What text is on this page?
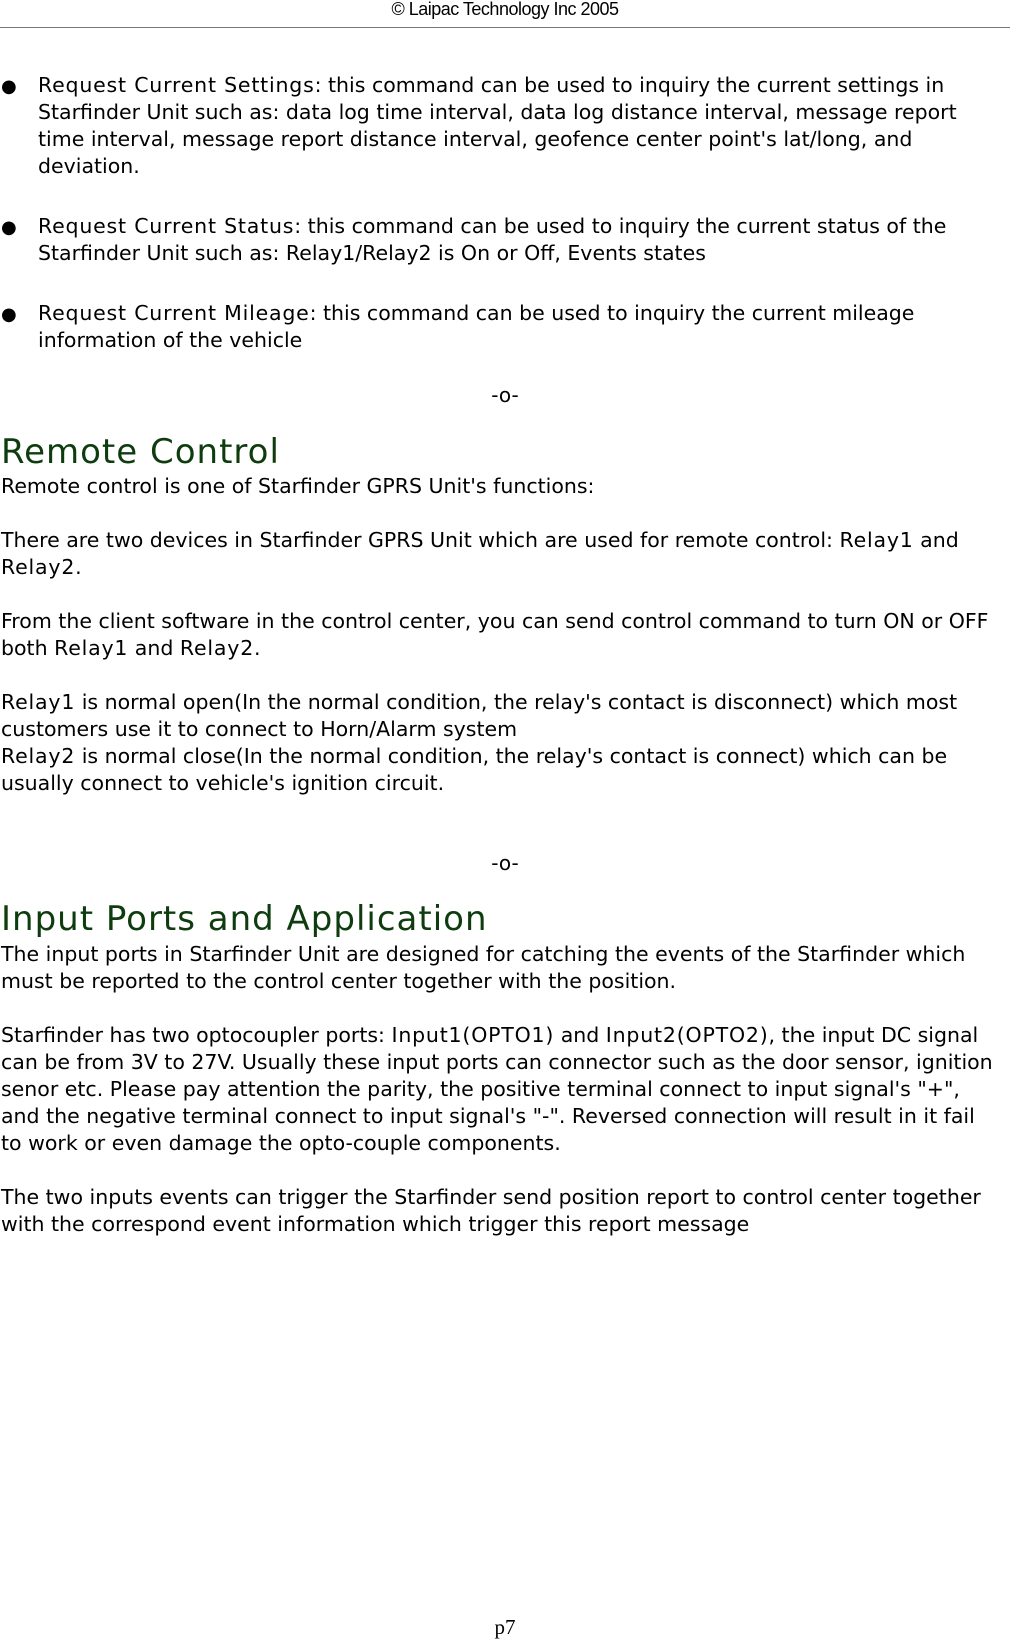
© Laipac Technology Inc 2005
● Request Current Settings: this command can be used to inquiry the current settings in
Starfinder Unit such as: data log time interval, data log distance interval, message report
time interval, message report distance interval, geofence center point's lat/long, and
deviation.
● Request Current Status: this command can be used to inquiry the current status of the
Starfinder Unit such as: Relay1/Relay2 is On or Off, Events states
● Request Current Mileage: this command can be used to inquiry the current mileage
information of the vehicle
-o-
Remote Control
Remote control is one of Starfinder GPRS Unit's functions:
There are two devices in Starfinder GPRS Unit which are used for remote control: Relay1 and
Relay2.
From the client software in the control center, you can send control command to turn ON or OFF
both Relay1 and Relay2.
Relay1 is normal open(In the normal condition, the relay's contact is disconnect) which most
customers use it to connect to Horn/Alarm system
Relay2 is normal close(In the normal condition, the relay's contact is connect) which can be
usually connect to vehicle's ignition circuit.
-o-
Input Ports and Application
The input ports in Starfinder Unit are designed for catching the events of the Starfinder which
must be reported to the control center together with the position.
Starfinder has two optocoupler ports: Input1(OPTO1) and Input2(OPTO2), the input DC signal
can be from 3V to 27V. Usually these input ports can connector such as the door sensor, ignition
senor etc. Please pay attention the parity, the positive terminal connect to input signal's "+",
and the negative terminal connect to input signal's "-". Reversed connection will result in it fail
to work or even damage the opto-couple components.
The two inputs events can trigger the Starfinder send position report to control center together
with the correspond event information which trigger this report message
p7
